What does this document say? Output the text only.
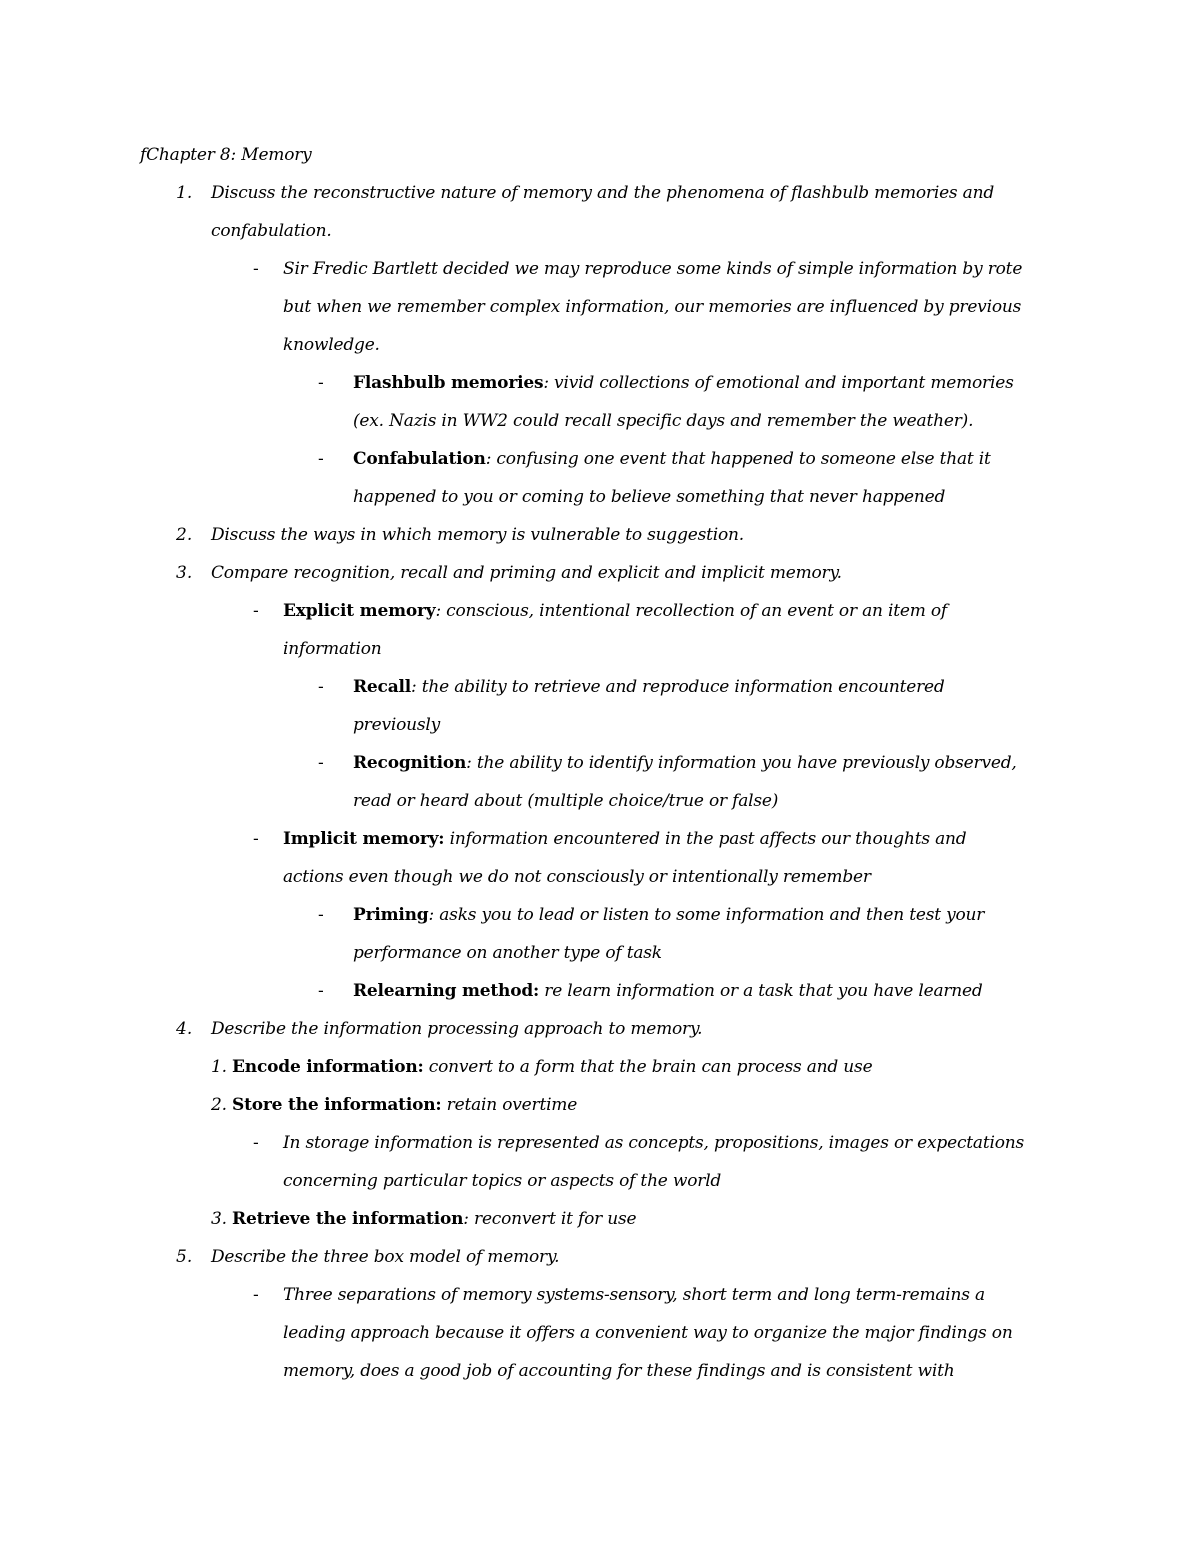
fChapter 8: Memory
1. Discuss the reconstructive nature of memory and the phenomena of flashbulb memories and
confabulation.
- Sir Fredic Bartlett decided we may reproduce some kinds of simple information by rote
but when we remember complex information, our memories are influenced by previous
knowledge.
- Flashbulb memories: vivid collections of emotional and important memories
(ex. Nazis in WW2 could recall specific days and remember the weather).
- Confabulation: confusing one event that happened to someone else that it
happened to you or coming to believe something that never happened
2. Discuss the ways in which memory is vulnerable to suggestion.
3. Compare recognition, recall and priming and explicit and implicit memory.
- Explicit memory: conscious, intentional recollection of an event or an item of
information
- Recall: the ability to retrieve and reproduce information encountered
previously
- Recognition: the ability to identify information you have previously observed,
read or heard about (multiple choice/true or false)
- Implicit memory: information encountered in the past affects our thoughts and
actions even though we do not consciously or intentionally remember
- Priming: asks you to lead or listen to some information and then test your
performance on another type of task
- Relearning method: re learn information or a task that you have learned
4. Describe the information processing approach to memory.
1. Encode information: convert to a form that the brain can process and use
2. Store the information: retain overtime
- In storage information is represented as concepts, propositions, images or expectations
concerning particular topics or aspects of the world
3. Retrieve the information: reconvert it for use
5. Describe the three box model of memory.
- Three separations of memory systems-sensory, short term and long term-remains a
leading approach because it offers a convenient way to organize the major findings on
memory, does a good job of accounting for these findings and is consistent with
